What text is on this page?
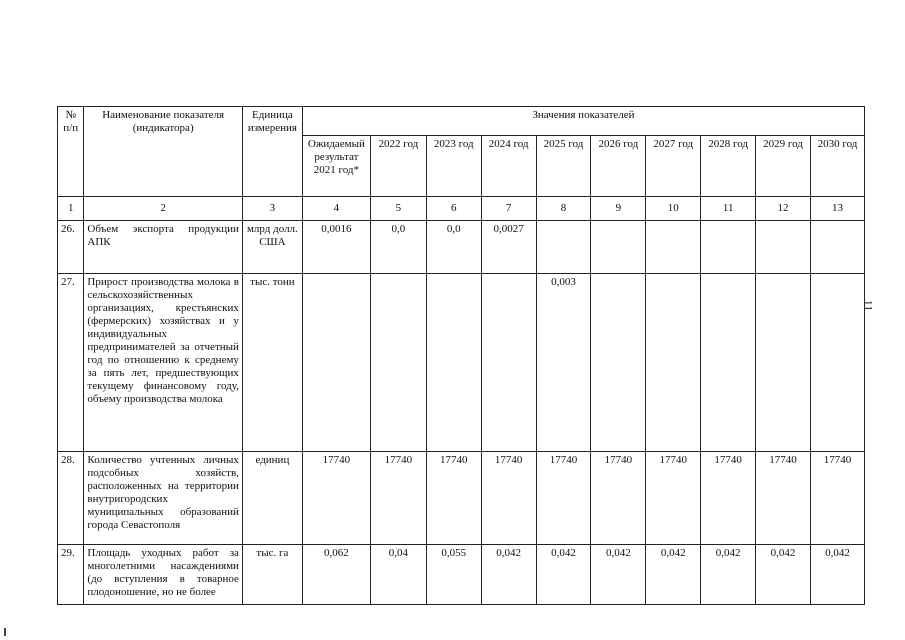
11
№ п/п	Наименование показателя (индикатора)	Единица измерения	Значения показателей									
			Ожидаемый результат 2021 год*	2022 год	2023 год	2024 год	2025 год	2026 год	2027 год	2028 год	2029 год	2030 год
1	2	3	4	5	6	7	8	9	10	11	12	13
26.	Объем экспорта продукции АПК	млрд долл. США	0,0016	0,0	0,0	0,0027						
27.	Прирост производства молока в сельскохозяйственных организациях, крестьянских (фермерских) хозяйствах и у индивидуальных предпринимателей за отчетный год по отношению к среднему за пять лет, предшествующих текущему финансовому году, объему производства молока	тыс. тонн					0,003					
28.	Количество учтенных личных подсобных хозяйств, расположенных на территории внутригородских муниципальных образований города Севастополя	единиц	17740	17740	17740	17740	17740	17740	17740	17740	17740	17740
29.	Площадь уходных работ за многолетними насаждениями (до вступления в товарное плодоношение, но не более	тыс. га	0,062	0,04	0,055	0,042	0,042	0,042	0,042	0,042	0,042	0,042
